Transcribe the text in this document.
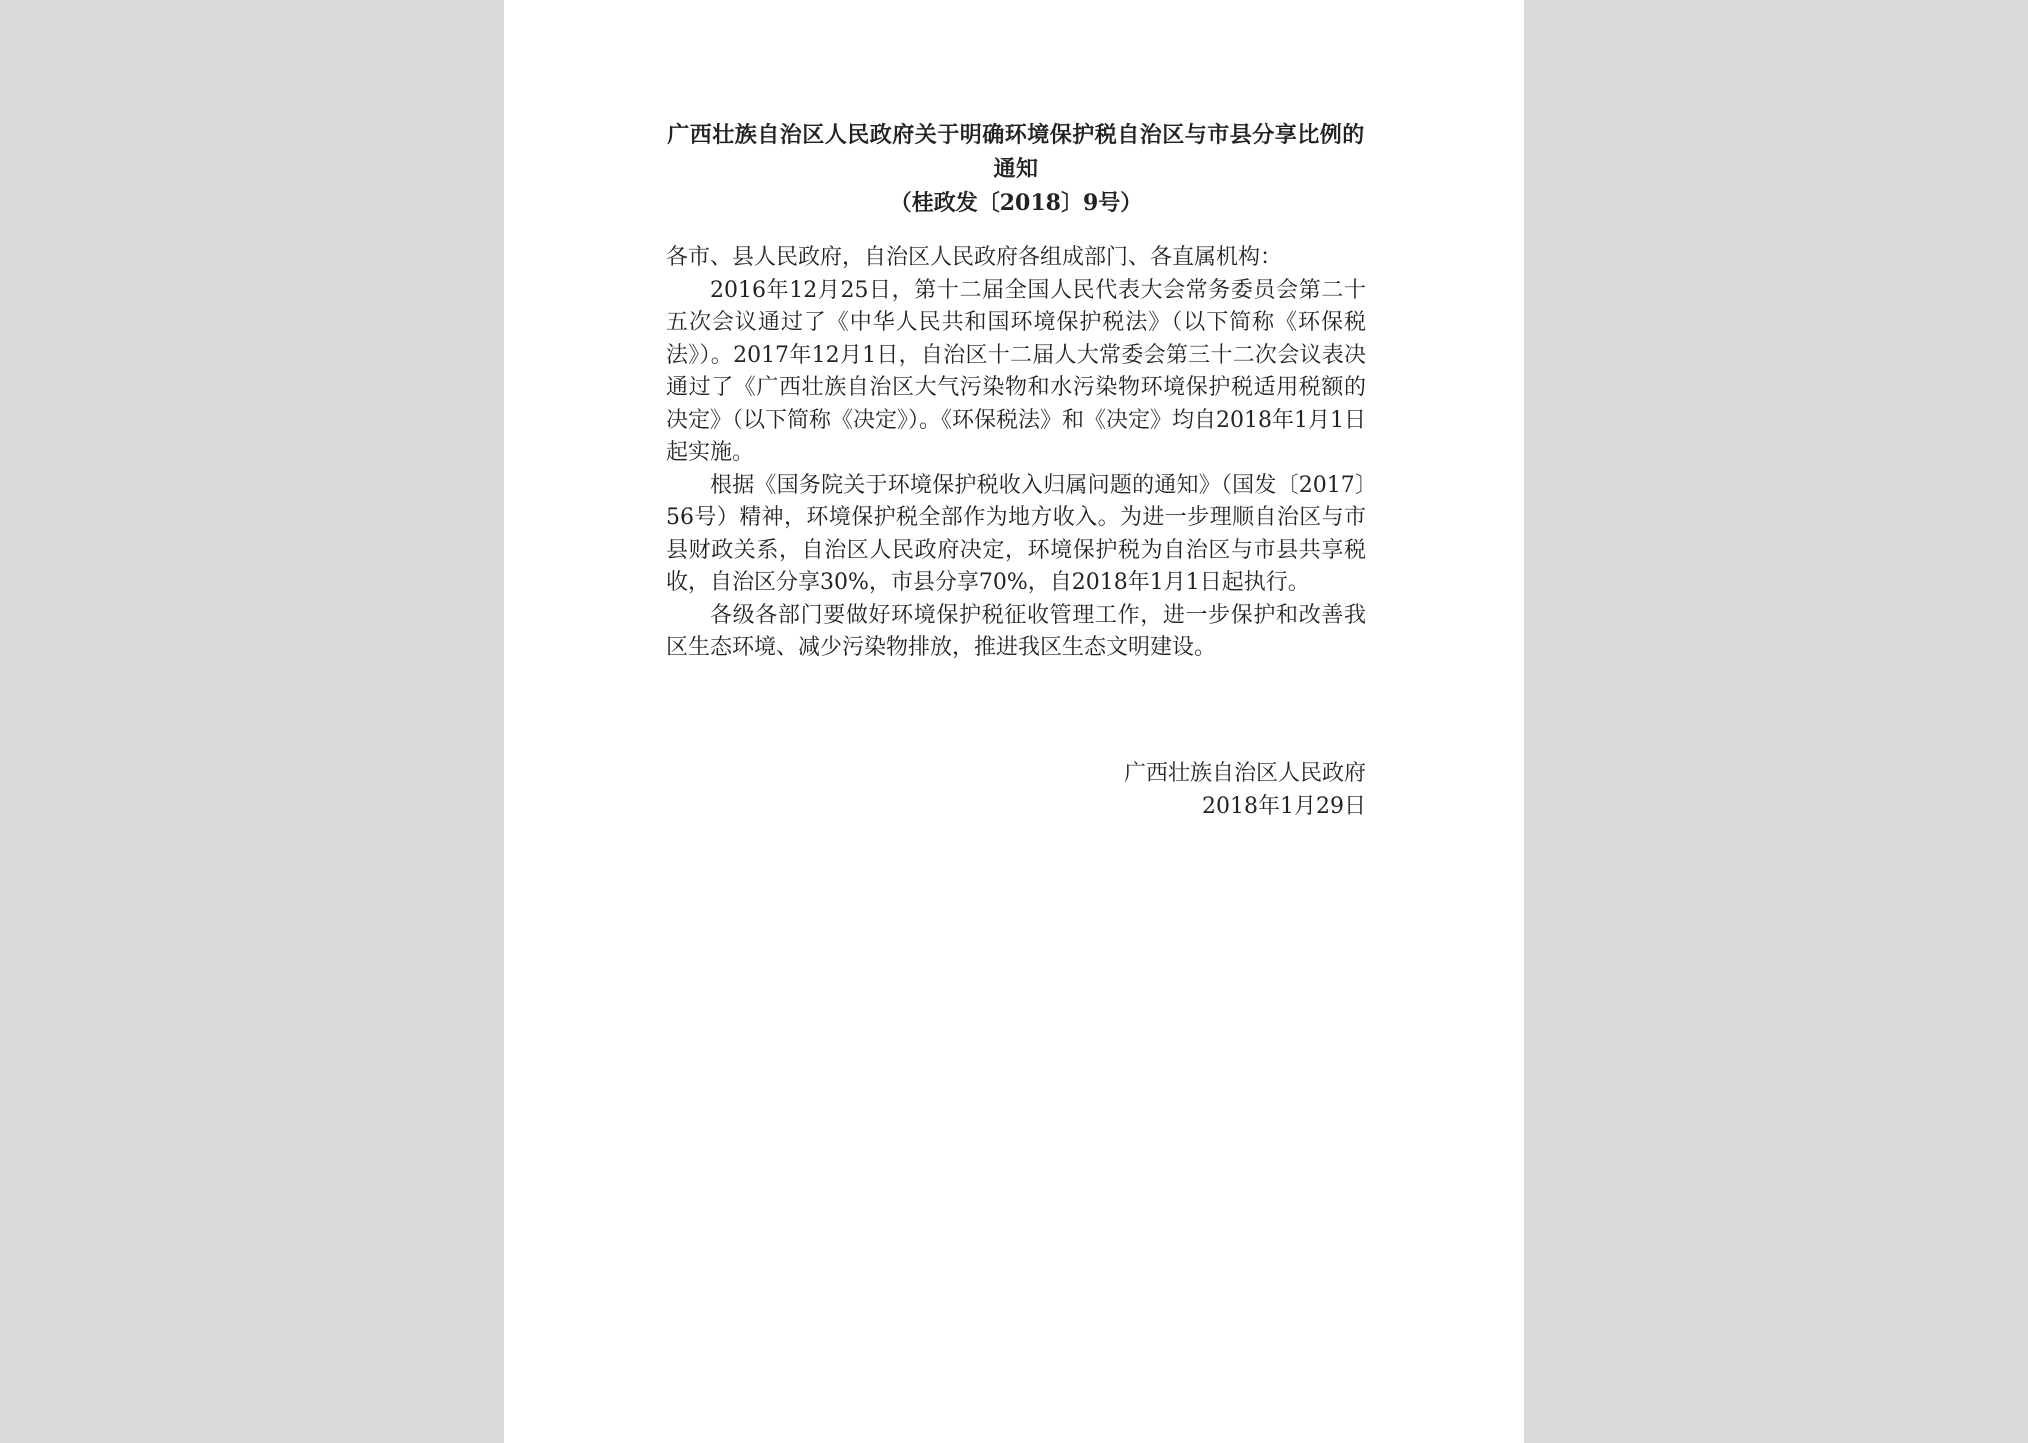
广西壮族自治区人民政府关于明确环境保护税自治区与市县分享比例的通知
（桂政发〔2018〕9号）

各市、县人民政府，自治区人民政府各组成部门、各直属机构：

2016年12月25日，第十二届全国人民代表大会常务委员会第二十五次会议通过了《中华人民共和国环境保护税法》（以下简称《环保税法》）。2017年12月1日，自治区十二届人大常委会第三十二次会议表决通过了《广西壮族自治区大气污染物和水污染物环境保护税适用税额的决定》（以下简称《决定》）。《环保税法》和《决定》均自2018年1月1日起实施。

根据《国务院关于环境保护税收入归属问题的通知》（国发〔2017〕56号）精神，环境保护税全部作为地方收入。为进一步理顺自治区与市县财政关系，自治区人民政府决定，环境保护税为自治区与市县共享税收，自治区分享30%，市县分享70%，自2018年1月1日起执行。

各级各部门要做好环境保护税征收管理工作，进一步保护和改善我区生态环境、减少污染物排放，推进我区生态文明建设。

广西壮族自治区人民政府
2018年1月29日
